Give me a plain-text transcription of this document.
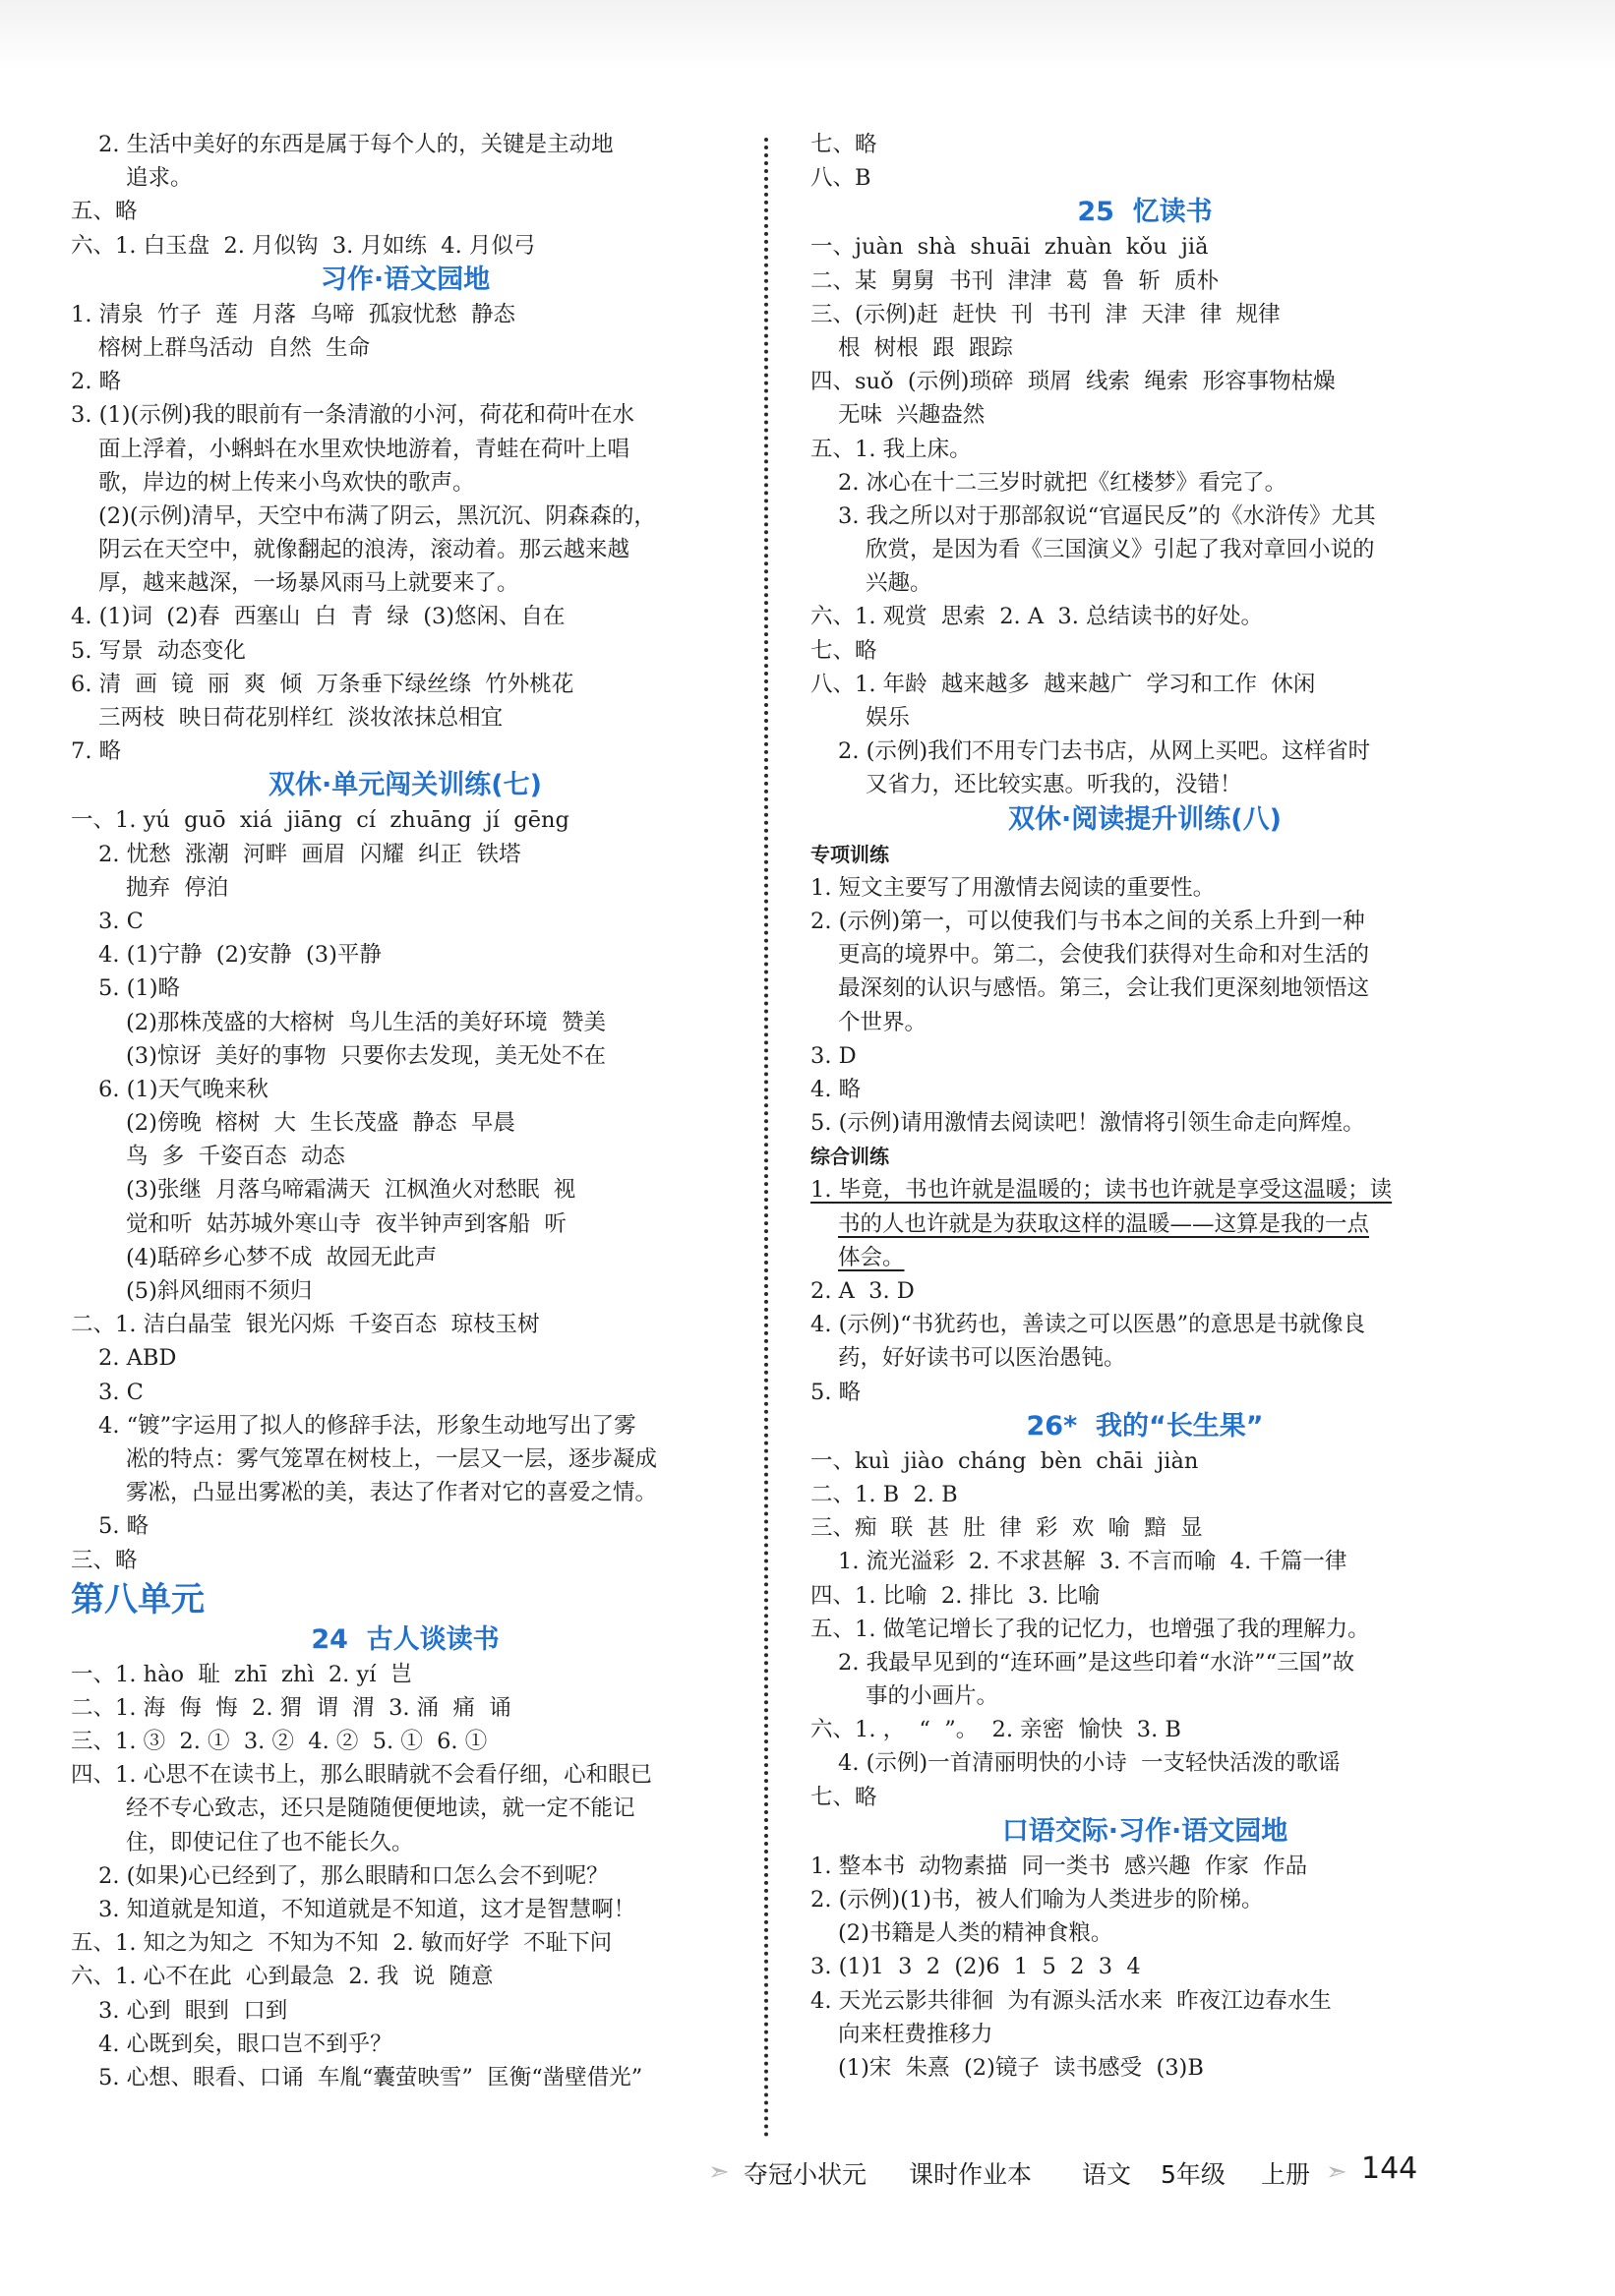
2. 生活中美好的东西是属于每个人的，关键是主动地
追求。
五、略
六、1. 白玉盘  2. 月似钩  3. 月如练  4. 月似弓
习作·语文园地
1. 清泉  竹子  莲  月落  乌啼  孤寂忧愁  静态
榕树上群鸟活动  自然  生命
2. 略
3. (1)(示例)我的眼前有一条清澈的小河，荷花和荷叶在水
面上浮着，小蝌蚪在水里欢快地游着，青蛙在荷叶上唱
歌，岸边的树上传来小鸟欢快的歌声。
(2)(示例)清早，天空中布满了阴云，黑沉沉、阴森森的，
阴云在天空中，就像翻起的浪涛，滚动着。那云越来越
厚，越来越深，一场暴风雨马上就要来了。
4. (1)词  (2)春  西塞山  白  青  绿  (3)悠闲、自在
5. 写景  动态变化
6. 清  画  镜  丽  爽  倾  万条垂下绿丝绦  竹外桃花
三两枝  映日荷花别样红  淡妆浓抹总相宜
7. 略
双休·单元闯关训练(七)
一、1. yú  guō  xiá  jiāng  cí  zhuāng  jí  gēng
2. 忧愁  涨潮  河畔  画眉  闪耀  纠正  铁塔
抛弃  停泊
3. C
4. (1)宁静  (2)安静  (3)平静
5. (1)略
(2)那株茂盛的大榕树  鸟儿生活的美好环境  赞美
(3)惊讶  美好的事物  只要你去发现，美无处不在
6. (1)天气晚来秋
(2)傍晚  榕树  大  生长茂盛  静态  早晨
鸟  多  千姿百态  动态
(3)张继  月落乌啼霜满天  江枫渔火对愁眠  视
觉和听  姑苏城外寒山寺  夜半钟声到客船  听
(4)聒碎乡心梦不成  故园无此声
(5)斜风细雨不须归
二、1. 洁白晶莹  银光闪烁  千姿百态  琼枝玉树
2. ABD
3. C
4. “镀”字运用了拟人的修辞手法，形象生动地写出了雾
凇的特点：雾气笼罩在树枝上，一层又一层，逐步凝成
雾凇，凸显出雾凇的美，表达了作者对它的喜爱之情。
5. 略
三、略
第八单元
24  古人谈读书
一、1. hào  耻  zhī  zhì  2. yí  岂
二、1. 海  侮  悔  2. 猬  谓  渭  3. 涌  痛  诵
三、1. ③  2. ①  3. ②  4. ②  5. ①  6. ①
四、1. 心思不在读书上，那么眼睛就不会看仔细，心和眼已
经不专心致志，还只是随随便便地读，就一定不能记
住，即使记住了也不能长久。
2. (如果)心已经到了，那么眼睛和口怎么会不到呢？
3. 知道就是知道，不知道就是不知道，这才是智慧啊！
五、1. 知之为知之  不知为不知  2. 敏而好学  不耻下问
六、1. 心不在此  心到最急  2. 我  说  随意
3. 心到  眼到  口到
4. 心既到矣，眼口岂不到乎？
5. 心想、眼看、口诵  车胤“囊萤映雪”  匡衡“凿壁借光”
七、略
八、B
25  忆读书
一、juàn  shà  shuāi  zhuàn  kǒu  jiǎ
二、某  舅舅  书刊  津津  葛  鲁  斩  质朴
三、(示例)赶  赶快  刊  书刊  津  天津  律  规律
根  树根  跟  跟踪
四、suǒ  (示例)琐碎  琐屑  线索  绳索  形容事物枯燥
无味  兴趣盎然
五、1. 我上床。
2. 冰心在十二三岁时就把《红楼梦》看完了。
3. 我之所以对于那部叙说“官逼民反”的《水浒传》尤其
欣赏，是因为看《三国演义》引起了我对章回小说的
兴趣。
六、1. 观赏  思索  2. A  3. 总结读书的好处。
七、略
八、1. 年龄  越来越多  越来越广  学习和工作  休闲
娱乐
2. (示例)我们不用专门去书店，从网上买吧。这样省时
又省力，还比较实惠。听我的，没错！
双休·阅读提升训练(八)
专项训练
1. 短文主要写了用激情去阅读的重要性。
2. (示例)第一，可以使我们与书本之间的关系上升到一种
更高的境界中。第二，会使我们获得对生命和对生活的
最深刻的认识与感悟。第三，会让我们更深刻地领悟这
个世界。
3. D
4. 略
5. (示例)请用激情去阅读吧！激情将引领生命走向辉煌。
综合训练
1. 毕竟，书也许就是温暖的；读书也许就是享受这温暖；读
书的人也许就是为获取这样的温暖——这算是我的一点
体会。
2. A  3. D
4. (示例)“书犹药也，善读之可以医愚”的意思是书就像良
药，好好读书可以医治愚钝。
5. 略
26*  我的“长生果”
一、kuì  jiào  cháng  bèn  chāi  jiàn
二、1. B  2. B
三、痴  联  甚  肚  律  彩  欢  喻  黯  显
1. 流光溢彩  2. 不求甚解  3. 不言而喻  4. 千篇一律
四、1. 比喻  2. 排比  3. 比喻
五、1. 做笔记增长了我的记忆力，也增强了我的理解力。
2. 我最早见到的“连环画”是这些印着“水浒”“三国”故
事的小画片。
六、1. ，  “  ”。  2. 亲密  愉快  3. B
4. (示例)一首清丽明快的小诗  一支轻快活泼的歌谣
七、略
口语交际·习作·语文园地
1. 整本书  动物素描  同一类书  感兴趣  作家  作品
2. (示例)(1)书，被人们喻为人类进步的阶梯。
(2)书籍是人类的精神食粮。
3. (1)1  3  2  (2)6  1  5  2  3  4
4. 天光云影共徘徊  为有源头活水来  昨夜江边春水生
向来枉费推移力
(1)宋  朱熹  (2)镜子  读书感受  (3)B
➣ 夺冠小状元 课时作业本 语文 5年级 上册 ➣ 144
